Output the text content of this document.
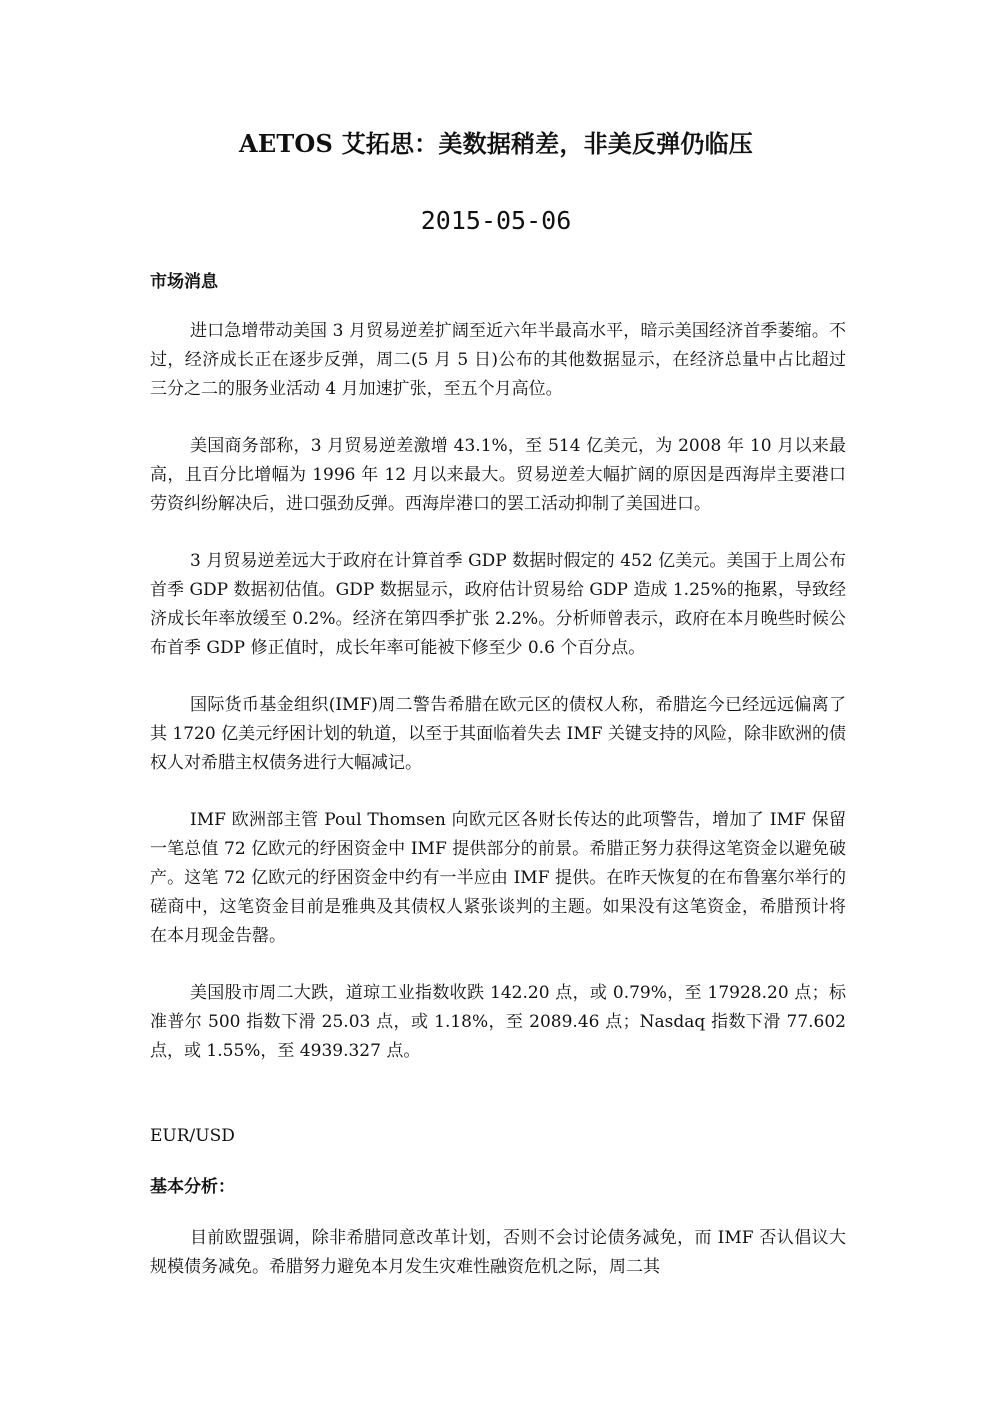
AETOS 艾拓思：美数据稍差，非美反弹仍临压
2015-05-06
市场消息

进口急增带动美国 3 月贸易逆差扩阔至近六年半最高水平，暗示美国经济首季萎缩。不过，经济成长正在逐步反弹，周二(5 月 5 日)公布的其他数据显示，在经济总量中占比超过三分之二的服务业活动 4 月加速扩张，至五个月高位。

美国商务部称，3 月贸易逆差激增 43.1%，至 514 亿美元，为 2008 年 10 月以来最高，且百分比增幅为 1996 年 12 月以来最大。贸易逆差大幅扩阔的原因是西海岸主要港口劳资纠纷解决后，进口强劲反弹。西海岸港口的罢工活动抑制了美国进口。

3 月贸易逆差远大于政府在计算首季 GDP 数据时假定的 452 亿美元。美国于上周公布首季 GDP 数据初估值。GDP 数据显示，政府估计贸易给 GDP 造成 1.25%的拖累，导致经济成长年率放缓至 0.2%。经济在第四季扩张 2.2%。分析师曾表示，政府在本月晚些时候公布首季 GDP 修正值时，成长年率可能被下修至少 0.6 个百分点。

国际货币基金组织(IMF)周二警告希腊在欧元区的债权人称，希腊迄今已经远远偏离了其 1720 亿美元纾困计划的轨道，以至于其面临着失去 IMF 关键支持的风险，除非欧洲的债权人对希腊主权债务进行大幅减记。

IMF 欧洲部主管 Poul Thomsen 向欧元区各财长传达的此项警告，增加了 IMF 保留一笔总值 72 亿欧元的纾困资金中 IMF 提供部分的前景。希腊正努力获得这笔资金以避免破产。这笔 72 亿欧元的纾困资金中约有一半应由 IMF 提供。在昨天恢复的在布鲁塞尔举行的磋商中，这笔资金目前是雅典及其债权人紧张谈判的主题。如果没有这笔资金，希腊预计将在本月现金告罄。

美国股市周二大跌，道琼工业指数收跌 142.20 点，或 0.79%，至 17928.20 点；标准普尔 500 指数下滑 25.03 点，或 1.18%，至 2089.46 点；Nasdaq 指数下滑 77.602 点，或 1.55%，至 4939.327 点。

EUR/USD

基本分析：

目前欧盟强调，除非希腊同意改革计划，否则不会讨论债务减免，而 IMF 否认倡议大规模债务减免。希腊努力避免本月发生灾难性融资危机之际，周二其
